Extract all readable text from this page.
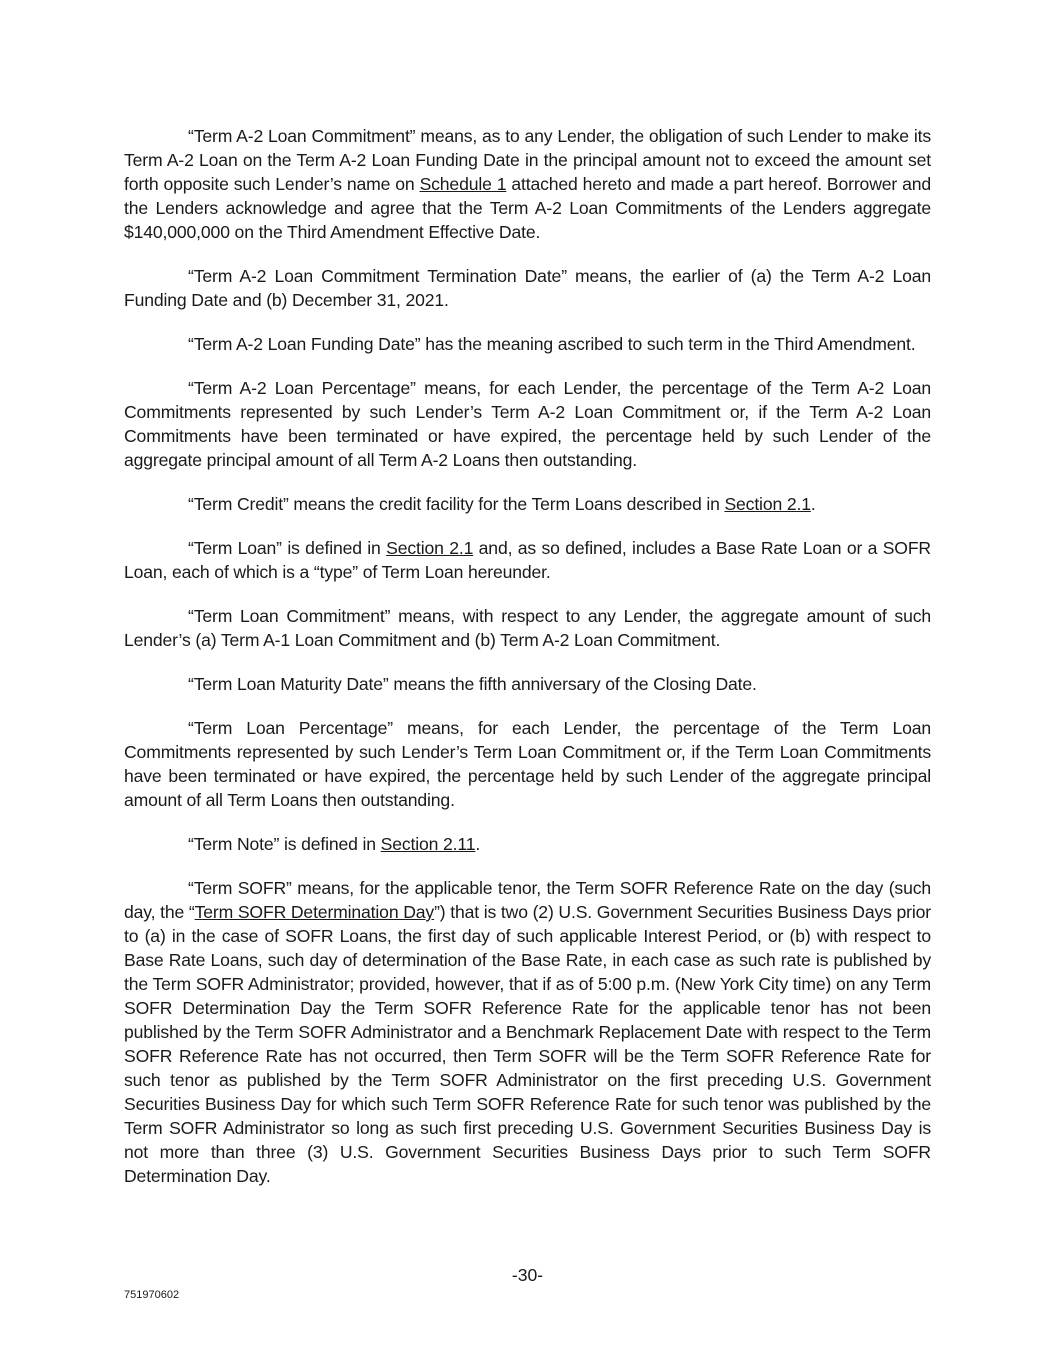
“Term A-2 Loan Commitment” means, as to any Lender, the obligation of such Lender to make its Term A-2 Loan on the Term A-2 Loan Funding Date in the principal amount not to exceed the amount set forth opposite such Lender’s name on Schedule 1 attached hereto and made a part hereof. Borrower and the Lenders acknowledge and agree that the Term A-2 Loan Commitments of the Lenders aggregate $140,000,000 on the Third Amendment Effective Date.

“Term A-2 Loan Commitment Termination Date” means, the earlier of (a) the Term A-2 Loan Funding Date and (b) December 31, 2021.

“Term A-2 Loan Funding Date” has the meaning ascribed to such term in the Third Amendment.

“Term A-2 Loan Percentage” means, for each Lender, the percentage of the Term A-2 Loan Commitments represented by such Lender’s Term A-2 Loan Commitment or, if the Term A-2 Loan Commitments have been terminated or have expired, the percentage held by such Lender of the aggregate principal amount of all Term A-2 Loans then outstanding.

“Term Credit” means the credit facility for the Term Loans described in Section 2.1.

“Term Loan” is defined in Section 2.1 and, as so defined, includes a Base Rate Loan or a SOFR Loan, each of which is a “type” of Term Loan hereunder.

“Term Loan Commitment” means, with respect to any Lender, the aggregate amount of such Lender’s (a) Term A-1 Loan Commitment and (b) Term A-2 Loan Commitment.

“Term Loan Maturity Date” means the fifth anniversary of the Closing Date.

“Term Loan Percentage” means, for each Lender, the percentage of the Term Loan Commitments represented by such Lender’s Term Loan Commitment or, if the Term Loan Commitments have been terminated or have expired, the percentage held by such Lender of the aggregate principal amount of all Term Loans then outstanding.

“Term Note” is defined in Section 2.11.

“Term SOFR” means, for the applicable tenor, the Term SOFR Reference Rate on the day (such day, the “Term SOFR Determination Day”) that is two (2) U.S. Government Securities Business Days prior to (a) in the case of SOFR Loans, the first day of such applicable Interest Period, or (b) with respect to Base Rate Loans, such day of determination of the Base Rate, in each case as such rate is published by the Term SOFR Administrator; provided, however, that if as of 5:00 p.m. (New York City time) on any Term SOFR Determination Day the Term SOFR Reference Rate for the applicable tenor has not been published by the Term SOFR Administrator and a Benchmark Replacement Date with respect to the Term SOFR Reference Rate has not occurred, then Term SOFR will be the Term SOFR Reference Rate for such tenor as published by the Term SOFR Administrator on the first preceding U.S. Government Securities Business Day for which such Term SOFR Reference Rate for such tenor was published by the Term SOFR Administrator so long as such first preceding U.S. Government Securities Business Day is not more than three (3) U.S. Government Securities Business Days prior to such Term SOFR Determination Day.

-30-
751970602
